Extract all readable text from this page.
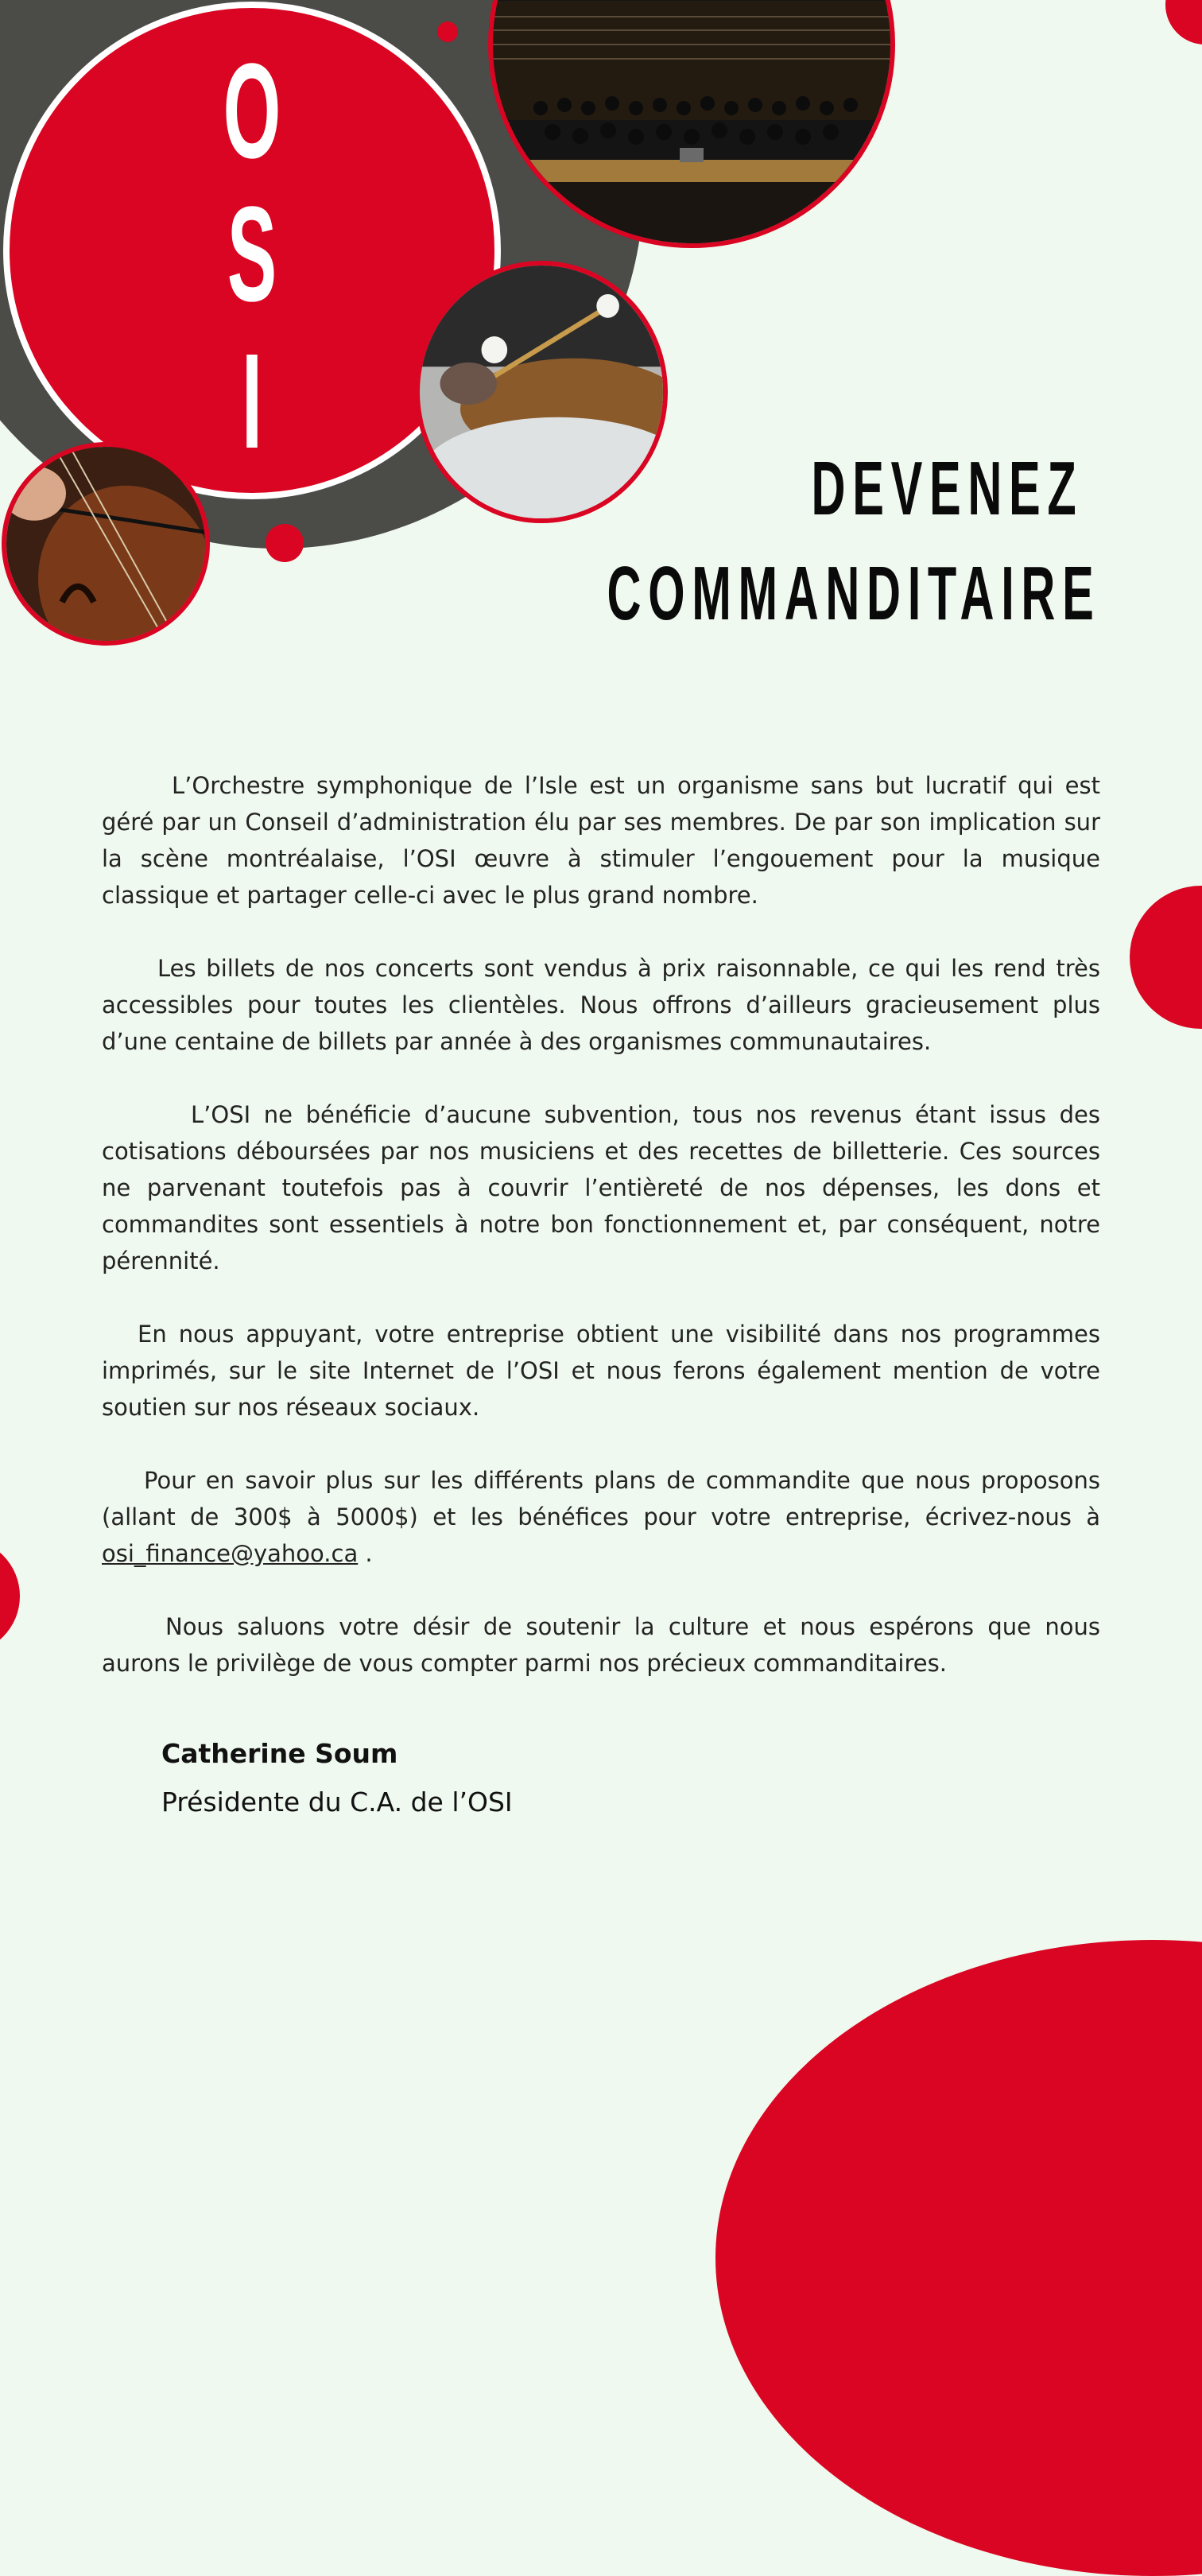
O
S
I
DEVENEZ
COMMANDITAIRE

L’Orchestre symphonique de l’Isle est un organisme sans but lucratif qui est géré par un Conseil d’administration élu par ses membres. De par son implication sur la scène montréalaise, l’OSI œuvre à stimuler l’engouement pour la musique classique et partager celle-ci avec le plus grand nombre.

Les billets de nos concerts sont vendus à prix raisonnable, ce qui les rend très accessibles pour toutes les clientèles. Nous offrons d’ailleurs gracieusement plus d’une centaine de billets par année à des organismes communautaires.

L’OSI ne bénéficie d’aucune subvention, tous nos revenus étant issus des cotisations déboursées par nos musiciens et des recettes de billetterie. Ces sources ne parvenant toutefois pas à couvrir l’entièreté de nos dépenses, les dons et commandites sont essentiels à notre bon fonctionnement et, par conséquent, notre pérennité.

En nous appuyant, votre entreprise obtient une visibilité dans nos programmes imprimés, sur le site Internet de l’OSI et nous ferons également mention de votre soutien sur nos réseaux sociaux.

Pour en savoir plus sur les différents plans de commandite que nous proposons (allant de 300$ à 5000$) et les bénéfices pour votre entreprise, écrivez-nous à osi_finance@yahoo.ca .

Nous saluons votre désir de soutenir la culture et nous espérons que nous aurons le privilège de vous compter parmi nos précieux commanditaires.

Catherine Soum
Présidente du C.A. de l’OSI
